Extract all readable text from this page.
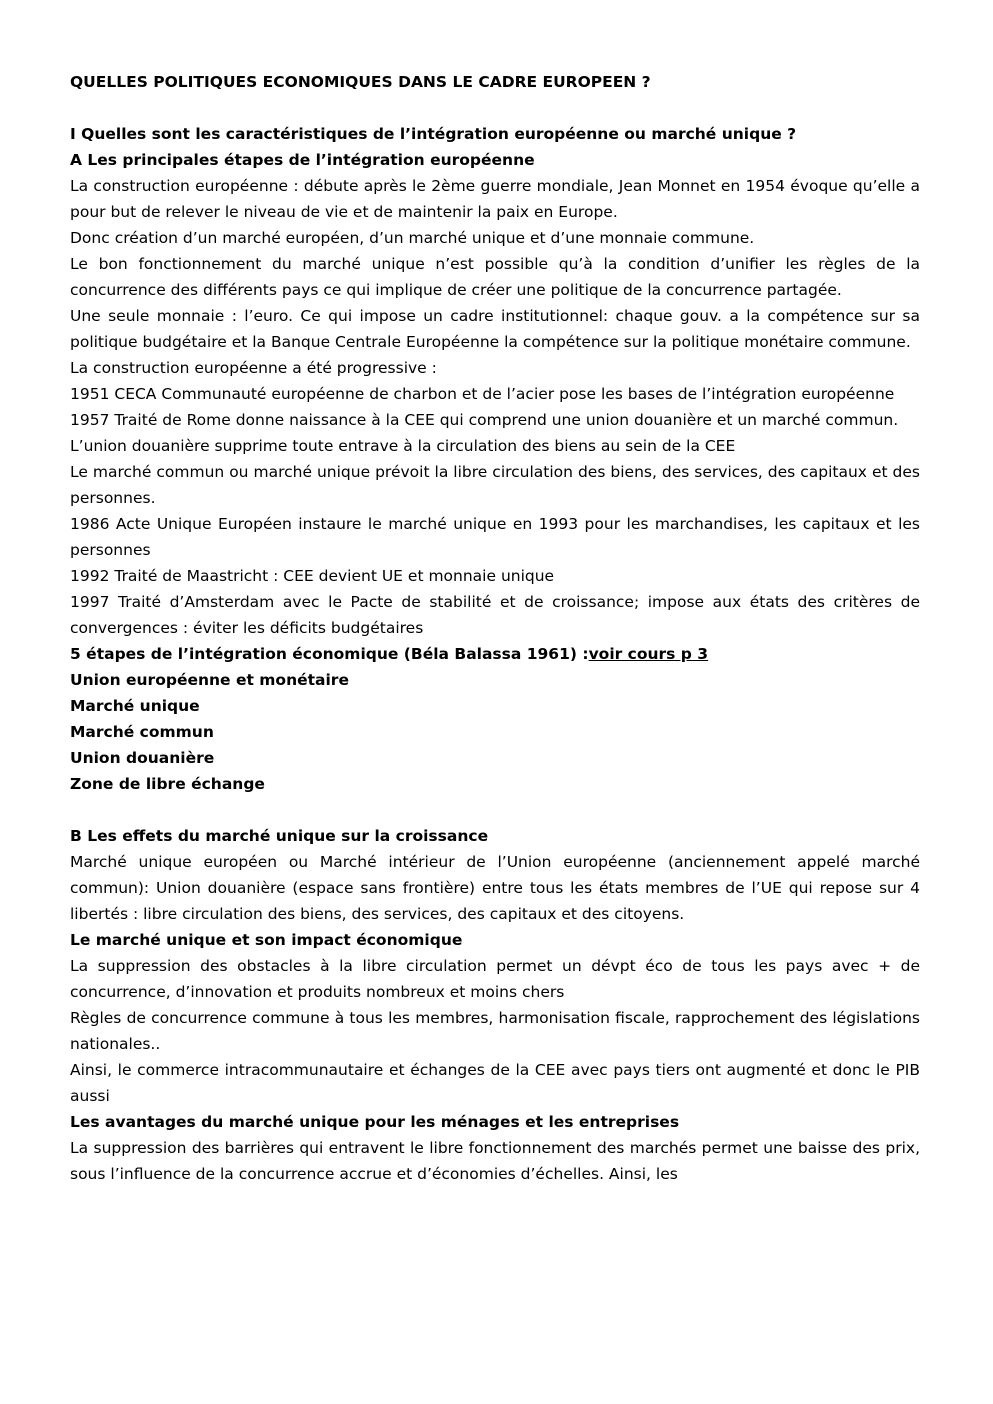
QUELLES POLITIQUES ECONOMIQUES DANS LE CADRE EUROPEEN ?

I Quelles sont les caractéristiques de l’intégration européenne ou marché unique ?

A Les principales étapes de l’intégration européenne

La construction européenne : débute après le 2ème guerre mondiale, Jean Monnet en 1954 évoque qu’elle a pour but de relever le niveau de vie et de maintenir la paix en Europe.

Donc création d’un marché européen, d’un marché unique et d’une monnaie commune.

Le bon fonctionnement du marché unique n’est possible qu’à la condition d’unifier les règles de la concurrence des différents pays ce qui implique de créer une politique de la concurrence partagée.

Une seule monnaie : l’euro. Ce qui impose un cadre institutionnel: chaque gouv. a la compétence sur sa politique budgétaire et la Banque Centrale Européenne la compétence sur la politique monétaire commune.

La construction européenne a été progressive :

1951 CECA Communauté européenne de charbon et de l’acier pose les bases de l’intégration européenne

1957 Traité de Rome donne naissance à la CEE qui comprend une union douanière et un marché commun.

L’union douanière supprime toute entrave à la circulation des biens au sein de la CEE

Le marché commun ou marché unique prévoit la libre circulation des biens, des services, des capitaux et des personnes.

1986 Acte Unique Européen instaure le marché unique en 1993 pour les marchandises, les capitaux et les personnes

1992 Traité de Maastricht : CEE devient UE et monnaie unique

1997 Traité d’Amsterdam avec le Pacte de stabilité et de croissance; impose aux états des critères de convergences : éviter les déficits budgétaires

5 étapes de l’intégration économique (Béla Balassa 1961) :voir cours p 3

Union européenne et monétaire

Marché unique

Marché commun

Union douanière

Zone de libre échange

B Les effets du marché unique sur la croissance

Marché unique européen ou Marché intérieur de l’Union européenne (anciennement appelé marché commun): Union douanière (espace sans frontière) entre tous les états membres de l’UE qui repose sur 4 libertés : libre circulation des biens, des services, des capitaux et des citoyens.

Le marché unique et son impact économique

La suppression des obstacles à la libre circulation permet un dévpt éco de tous les pays avec + de concurrence, d’innovation et produits nombreux et moins chers

Règles de concurrence commune à tous les membres, harmonisation fiscale, rapprochement des législations nationales..

Ainsi, le commerce intracommunautaire et échanges de la CEE avec pays tiers ont augmenté et donc le PIB aussi

Les avantages du marché unique pour les ménages et les entreprises

La suppression des barrières qui entravent le libre fonctionnement des marchés permet une baisse des prix, sous l’influence de la concurrence accrue et d’économies d’échelles. Ainsi, les
